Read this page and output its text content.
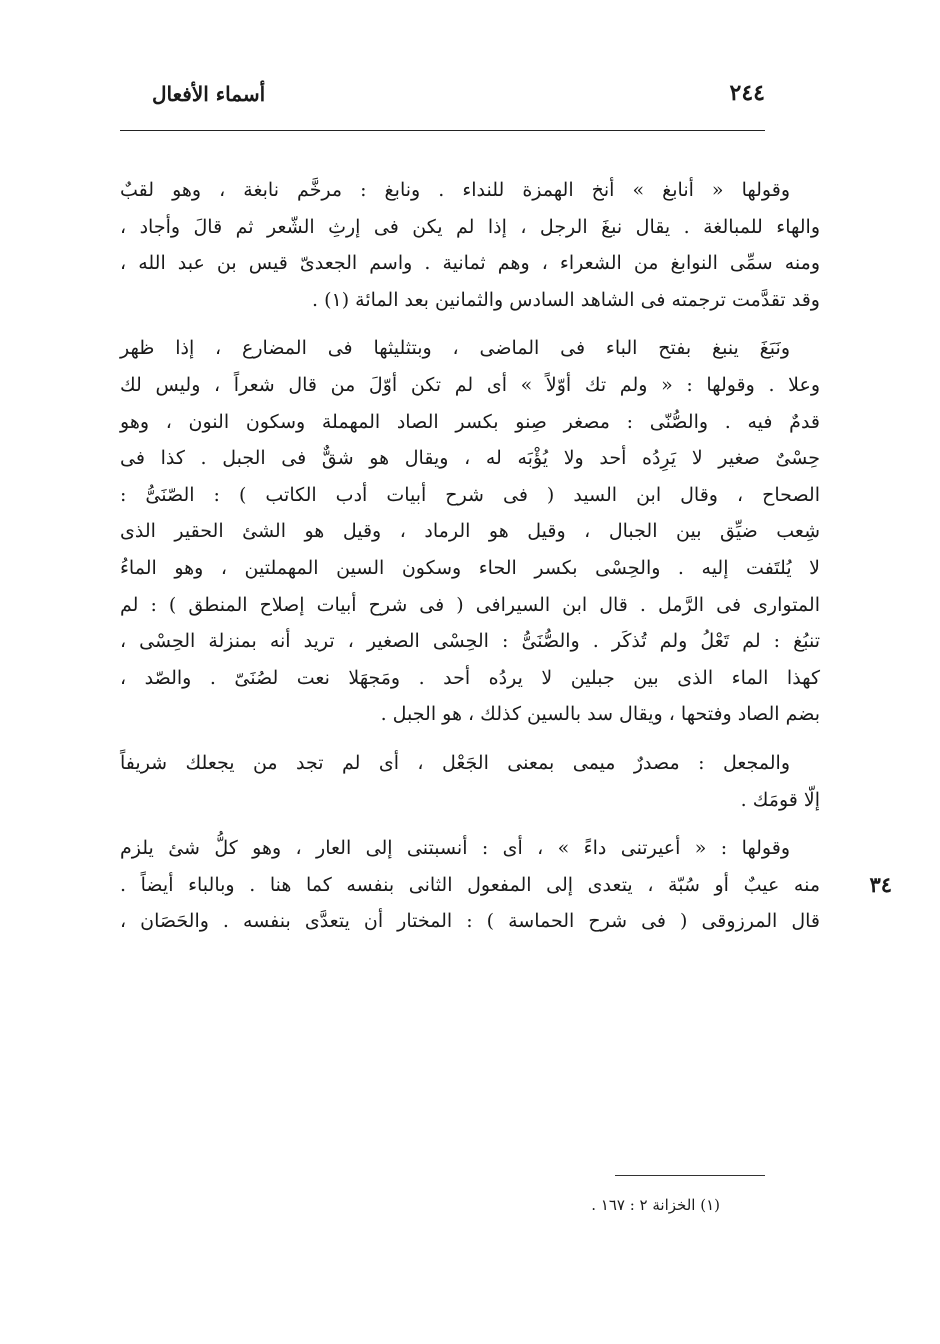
٢٤٤
أسماء الأفعال
وقولها « أنابغ » أنخ الهمزة للنداء . ونابغ : مرخَّم نابغة ، وهو لقبٌ
والهاء للمبالغة . يقال نبغَ الرجل ، إذا لم يكن فى إرثِ الشّعر ثم قالَ وأجاد ،
ومنه سمِّى النوابغ من الشعراء ، وهم ثمانية . واسم الجعدىّ قيس بن عبد الله ،
وقد تقدَّمت ترجمته فى الشاهد السادس والثمانين بعد المائة (١) .
ونَبَغَ ينبغ بفتح الباء فى الماضى ، وبتثليثها فى المضارع ، إذا ظهر
وعلا . وقولها : « ولم تك أوّلاً » أى لم تكن أوّلَ من قال شعراً ، وليس لك
قدمٌ فيه . والصُّنّى : مصغر صِنو بكسر الصاد المهملة وسكون النون ، وهو
حِسْىٌ صغير لا يَرِدُه أحد ولا يُؤْبَه له ، ويقال هو شقٌّ فى الجبل . كذا فى
الصحاح ، وقال ابن السيد ( فى شرح أبيات أدب الكاتب ) : الصّنَىُّ :
شِعب ضيِّق بين الجبال ، وقيل هو الرماد ، وقيل هو الشئ الحقير الذى
لا يُلتَفت إليه . والحِسْى بكسر الحاء وسكون السين المهملتين ، وهو الماءُ
المتوارى فى الرَّمل . قال ابن السيرافى ( فى شرح أبيات إصلاح المنطق ) : لم
تنبُغ : لم تَعْلُ ولم تُذكَر . والصُّنَىُّ : الحِسْى الصغير ، تريد أنه بمنزلة الحِسْى ،
كهذا الماء الذى بين جبلين لا يردُه أحد . ومَجهَلا نعت لصُنَىّ . والصّد ،
بضم الصاد وفتحها ، ويقال سد بالسين كذلك ، هو الجبل .
والمجعل : مصدرٌ ميمى بمعنى الجَعْل ، أى لم تجد من يجعلك شريفاً
إلّا قومَك .
وقولها : « أعيرتنى داءً » ، أى : أنسبتنى إلى العار ، وهو كلُّ شئ يلزم
منه عيبٌ أو سُبّة ، يتعدى إلى المفعول الثانى بنفسه كما هنا . وبالباء أيضاً . ٣٤
قال المرزوقى ( فى شرح الحماسة ) : المختار أن يتعدَّى بنفسه . والحَصَان ،
(١) الخزانة ٢ : ١٦٧ .
